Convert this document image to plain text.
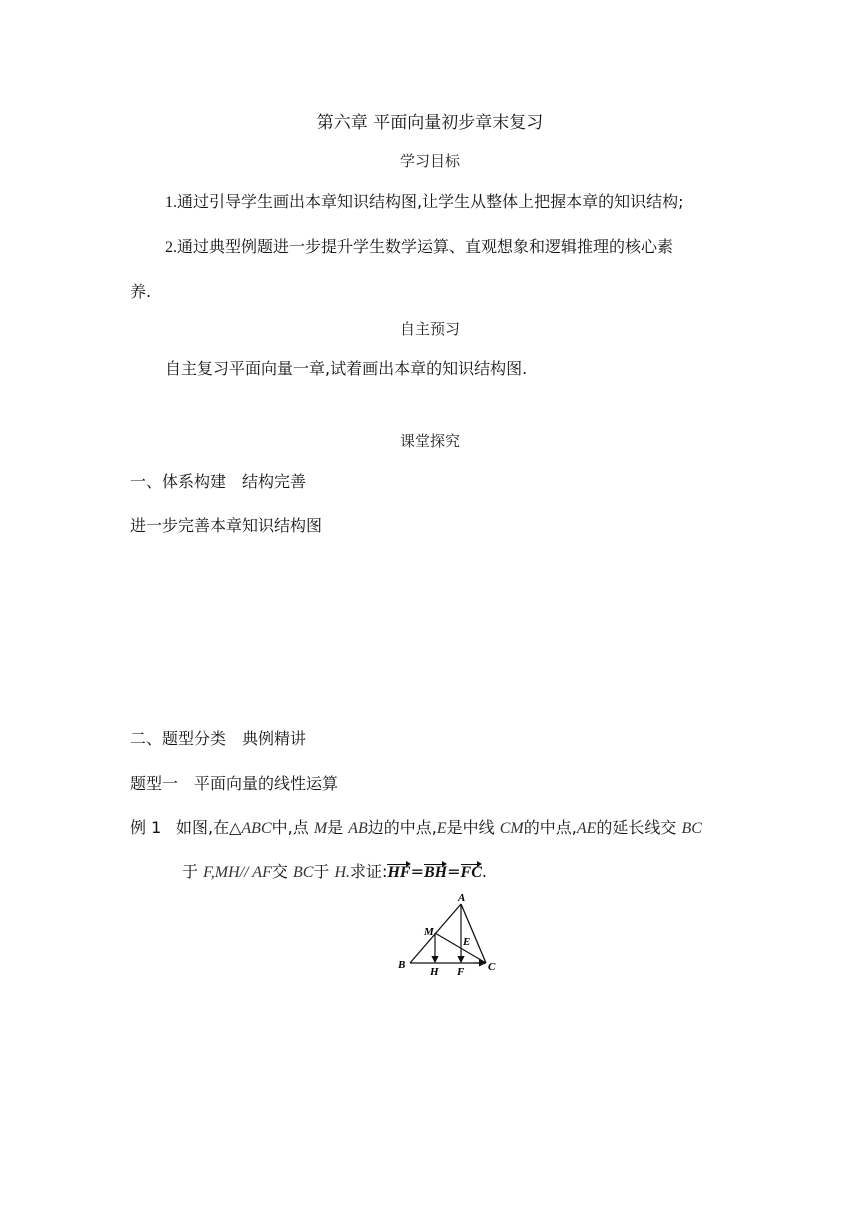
第六章 平面向量初步章末复习
学习目标
1.通过引导学生画出本章知识结构图,让学生从整体上把握本章的知识结构;
2.通过典型例题进一步提升学生数学运算、直观想象和逻辑推理的核心素
养.
自主预习
自主复习平面向量一章,试着画出本章的知识结构图.
课堂探究
一、体系构建　结构完善
进一步完善本章知识结构图
二、题型分类　典例精讲
题型一　平面向量的线性运算
例 1 如图,在△ABC中,点 M是 AB边的中点,E是中线 CM的中点,AE的延长线交 BC
于 F,MH// AF交 BC于 H.求证:HF=BH=FC.
A
B	C
M
E
H F
